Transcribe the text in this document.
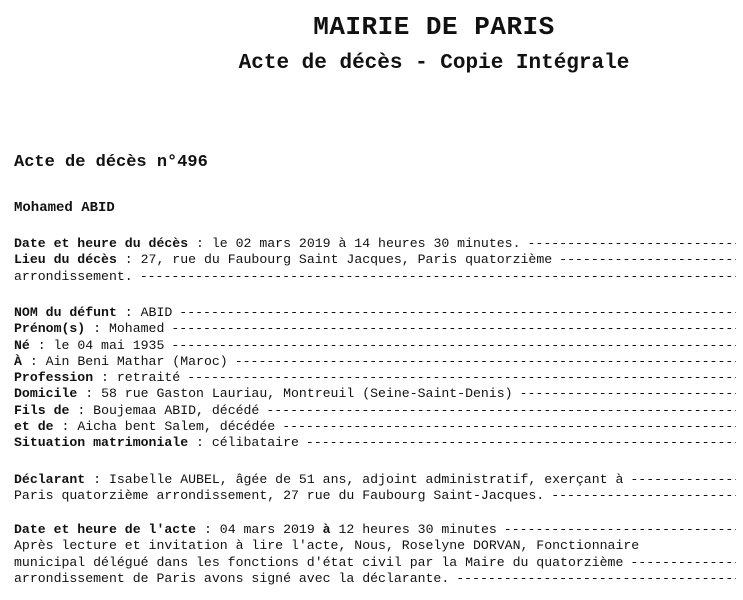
MAIRIE DE PARIS
Acte de décès - Copie Intégrale
Acte de décès n°496
Mohamed ABID
Date et heure du décès : le 02 mars 2019 à 14 heures 30 minutes.
-----
Lieu du décès : 27, rue du Faubourg Saint Jacques, Paris quatorzième
-----
arrondissement.
-----
NOM du défunt : ABID
-----
Prénom(s) : Mohamed
-----
Né : le 04 mai 1935
-----
À : Ain Beni Mathar (Maroc)
-----
Profession : retraité
-----
Domicile : 58 rue Gaston Lauriau, Montreuil (Seine-Saint-Denis)
-----
Fils de : Boujemaa ABID, décédé
-----
et de : Aicha bent Salem, décédée
-----
Situation matrimoniale : célibataire
-----
Déclarant : Isabelle AUBEL, âgée de 51 ans, adjoint administratif, exerçant à
-----
Paris quatorzième arrondissement, 27 rue du Faubourg Saint-Jacques.
-----
Date et heure de l'acte : 04 mars 2019
à
12 heures 30 minutes
-----
Après lecture et invitation à lire l'acte, Nous, Roselyne DORVAN, Fonctionnaire
municipal délégué dans les fonctions d'état civil par la Maire du quatorzième
-----
arrondissement de Paris avons signé avec la déclarante.
-----
